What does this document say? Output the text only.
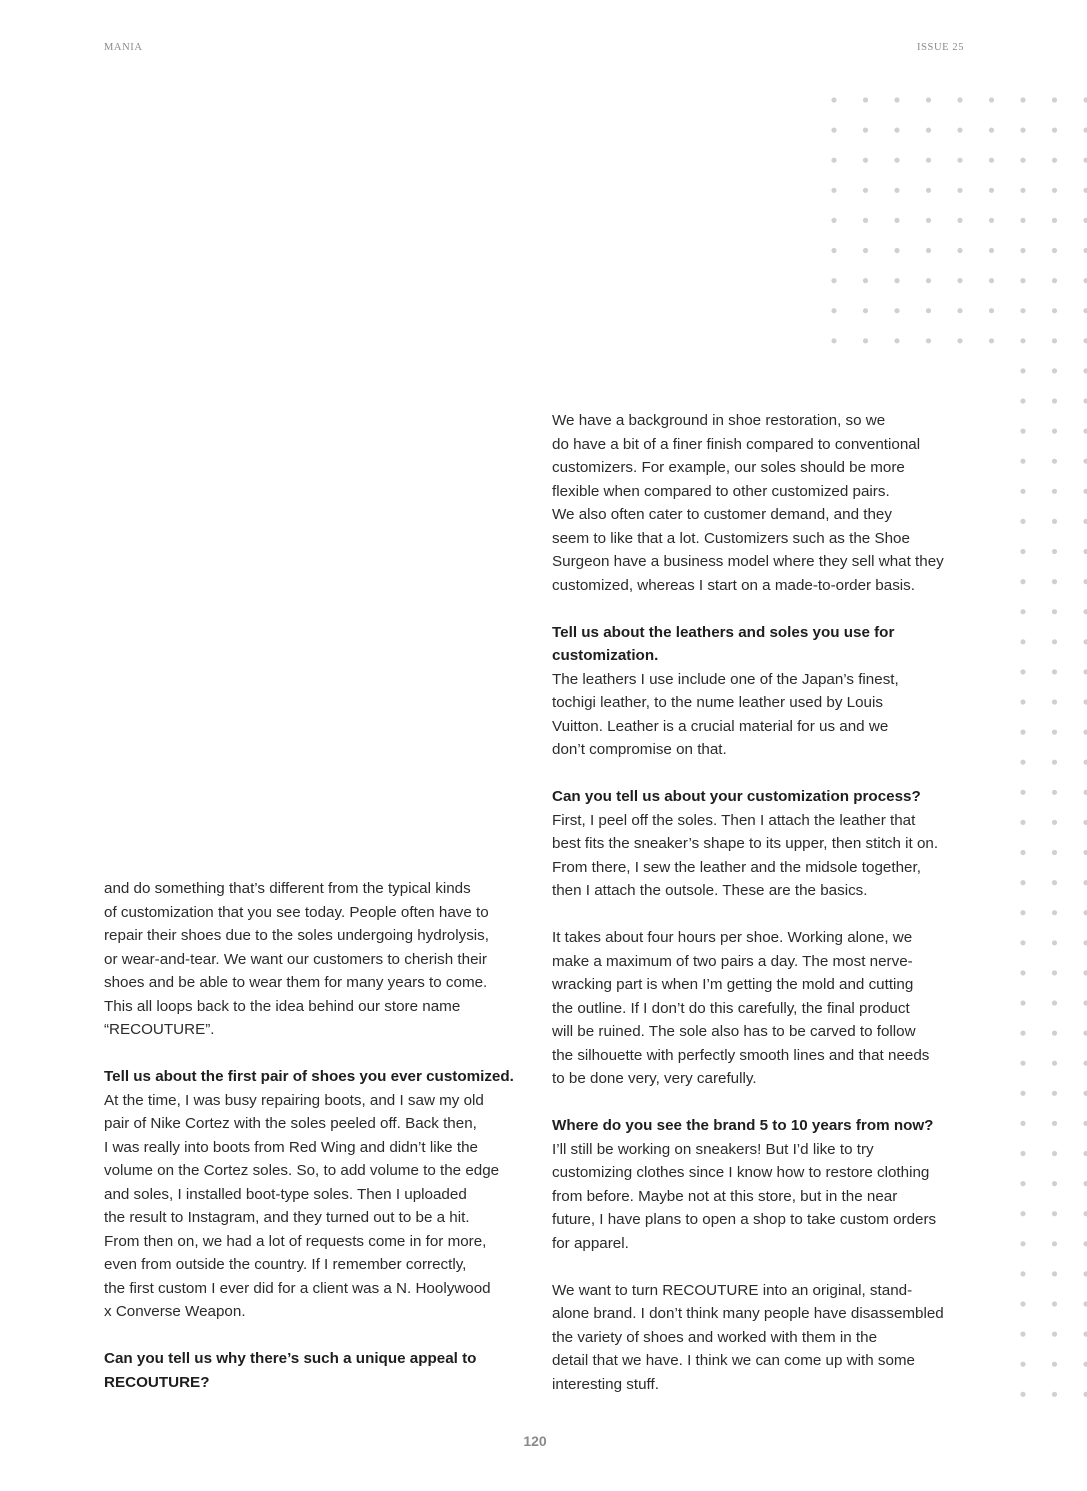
MANIA	ISSUE 25

and do something that’s different from the typical kinds
of customization that you see today. People often have to
repair their shoes due to the soles undergoing hydrolysis,
or wear-and-tear. We want our customers to cherish their
shoes and be able to wear them for many years to come.
This all loops back to the idea behind our store name
“RECOUTURE”.

Tell us about the first pair of shoes you ever customized.

At the time, I was busy repairing boots, and I saw my old
pair of Nike Cortez with the soles peeled off. Back then,
I was really into boots from Red Wing and didn’t like the
volume on the Cortez soles. So, to add volume to the edge
and soles, I installed boot-type soles. Then I uploaded
the result to Instagram, and they turned out to be a hit.
From then on, we had a lot of requests come in for more,
even from outside the country. If I remember correctly,
the first custom I ever did for a client was a N. Hoolywood
x Converse Weapon.

Can you tell us why there’s such a unique appeal to
RECOUTURE?

We have a background in shoe restoration, so we
do have a bit of a finer finish compared to conventional
customizers. For example, our soles should be more
flexible when compared to other customized pairs.
We also often cater to customer demand, and they
seem to like that a lot. Customizers such as the Shoe
Surgeon have a business model where they sell what they
customized, whereas I start on a made-to-order basis.

Tell us about the leathers and soles you use for
customization.

The leathers I use include one of the Japan’s finest,
tochigi leather, to the nume leather used by Louis
Vuitton. Leather is a crucial material for us and we
don’t compromise on that.

Can you tell us about your customization process?

First, I peel off the soles. Then I attach the leather that
best fits the sneaker’s shape to its upper, then stitch it on.
From there, I sew the leather and the midsole together,
then I attach the outsole. These are the basics.

It takes about four hours per shoe. Working alone, we
make a maximum of two pairs a day. The most nerve-
wracking part is when I’m getting the mold and cutting
the outline. If I don’t do this carefully, the final product
will be ruined. The sole also has to be carved to follow
the silhouette with perfectly smooth lines and that needs
to be done very, very carefully.

Where do you see the brand 5 to 10 years from now?

I’ll still be working on sneakers! But I’d like to try
customizing clothes since I know how to restore clothing
from before. Maybe not at this store, but in the near
future, I have plans to open a shop to take custom orders
for apparel.

We want to turn RECOUTURE into an original, stand-
alone brand. I don’t think many people have disassembled
the variety of shoes and worked with them in the
detail that we have. I think we can come up with some
interesting stuff.

120
